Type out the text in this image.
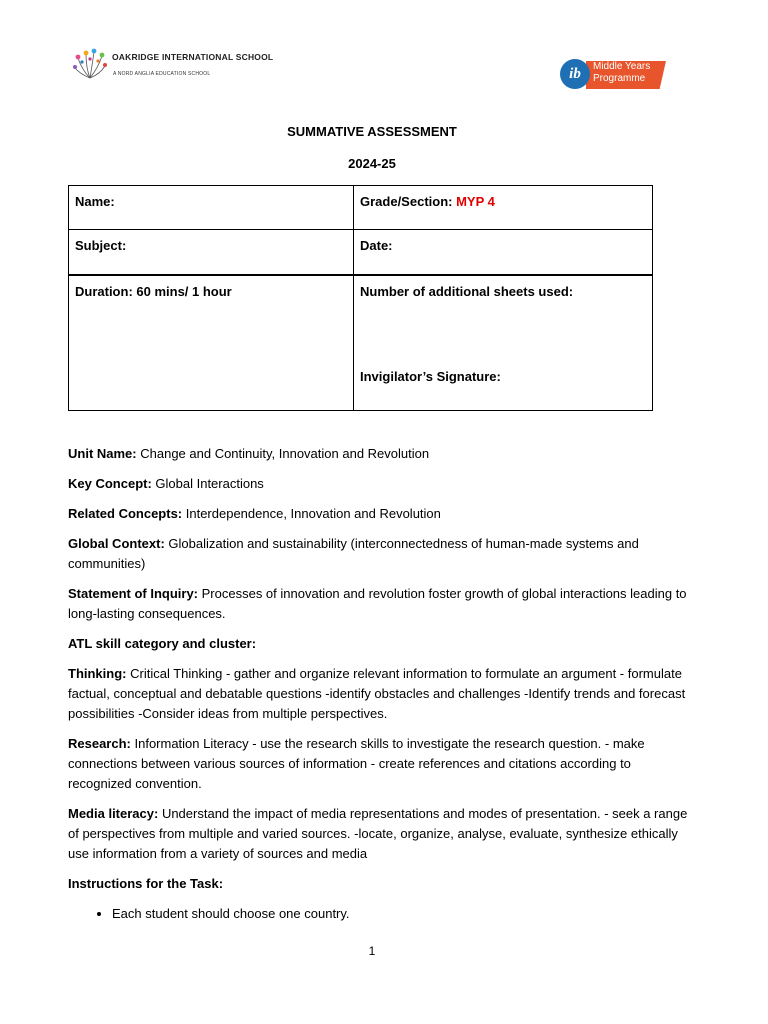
OAKRIDGE INTERNATIONAL SCHOOL
A NORD ANGLIA EDUCATION SCHOOL	ib	Middle Years
Programme
SUMMATIVE ASSESSMENT
2024-25
Name:	Grade/Section: MYP 4
Subject:	Date:
Duration: 60 mins/ 1 hour	Number of additional sheets used:
Invigilator’s Signature:

Unit Name: Change and Continuity, Innovation and Revolution

Key Concept: Global Interactions

Related Concepts: Interdependence, Innovation and Revolution

Global Context: Globalization and sustainability (interconnectedness of human-made systems and communities)

Statement of Inquiry: Processes of innovation and revolution foster growth of global interactions leading to long-lasting consequences.

ATL skill category and cluster:

Thinking: Critical Thinking - gather and organize relevant information to formulate an argument - formulate factual, conceptual and debatable questions -identify obstacles and challenges -Identify trends and forecast possibilities -Consider ideas from multiple perspectives.

Research: Information Literacy - use the research skills to investigate the research question. - make connections between various sources of information - create references and citations according to recognized convention.

Media literacy: Understand the impact of media representations and modes of presentation. - seek a range of perspectives from multiple and varied sources. -locate, organize, analyse, evaluate, synthesize ethically use information from a variety of sources and media

Instructions for the Task:

• Each student should choose one country.
1
